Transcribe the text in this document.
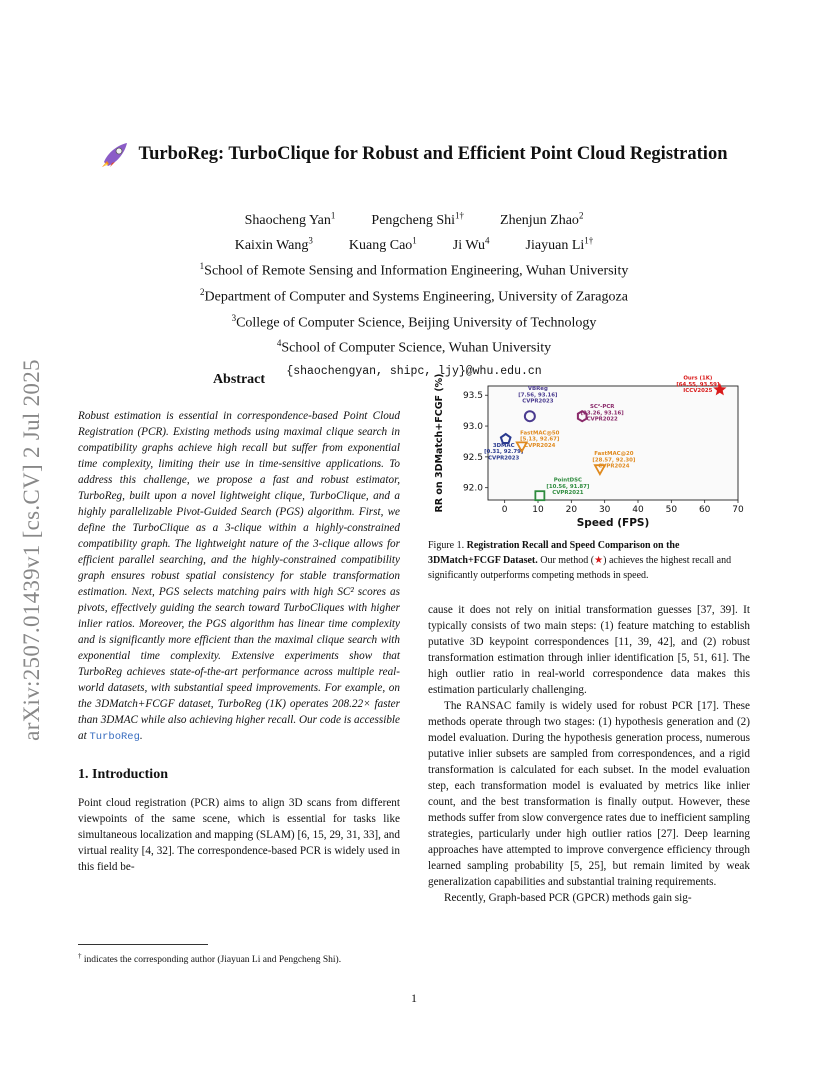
arXiv:2507.01439v1 [cs.CV] 2 Jul 2025
TurboReg: TurboClique for Robust and Efficient Point Cloud Registration
Shaocheng Yan$^1$	Pengcheng Shi$^{1\dagger}$	Zhenjun Zhao$^2$
Kaixin Wang$^3$	Kuang Cao$^1$	Ji Wu$^4$	Jiayuan $Li^{1\dagger}$
$^1$School of Remote Sensing and Information Engineering, Wuhan University
$^2$Department of Computer and Systems Engineering, University of Zaragoza
$^3$College of Computer Science, Beijing University of Technology
$^4$School of Computer Science, Wuhan University
{shaochengyan, shipc, ljy}@whu.edu.cn
Abstract

Robust estimation is essential in correspondence-based Point Cloud Registration (PCR). Existing methods using maximal clique search in compatibility graphs achieve high recall but suffer from exponential time complexity, limiting their use in time-sensitive applications. To address this challenge, we propose a fast and robust estimator, TurboReg, built upon a novel lightweight clique, TurboClique, and a highly parallelizable Pivot-Guided Search (PGS) algorithm. First, we define the TurboClique as a 3-clique within a highly-constrained compatibility graph. The lightweight nature of the 3-clique allows for efficient parallel searching, and the highly-constrained compatibility graph ensures robust spatial consistency for stable transformation estimation. Next, PGS selects matching pairs with high SC² scores as pivots, effectively guiding the search toward TurboCliques with higher inlier ratios. Moreover, the PGS algorithm has linear time complexity and is significantly more efficient than the maximal clique search with exponential time complexity. Extensive experiments show that TurboReg achieves state-of-the-art performance across multiple real-world datasets, with substantial speed improvements. For example, on the 3DMatch+FCGF dataset, TurboReg (1K) operates 208.22× faster than 3DMAC while also achieving higher recall. Our code is accessible at TurboReg.

1. Introduction

Point cloud registration (PCR) aims to align 3D scans from different viewpoints of the same scene, which is essential for tasks like simultaneous localization and mapping (SLAM) [6, 15, 29, 31, 33], and virtual reality [4, 32]. The correspondence-based PCR is widely used in this field be-

† indicates the corresponding author (Jiayuan Li and Pengcheng Shi).
0	10 20 30 40 50 60 70
92.0
92.5
93.0
93.5
Speed (FPS)
RR on 3DMatch+FCGF (%)	Ours (1K)
[64.55, 93.59]
ICCV2025
VBReg
[7.56, 93.16]
CVPR2023
SC²-PCR
[23.26, 93.16]
CVPR2022
3DMAC
[0.31, 92.79]
CVPR2023
FastMAC@50
[5.13, 92.67]
CVPR2024
FastMAC@20
[28.57, 92.30]
CVPR2024
PointDSC
[10.56, 91.87]
CVPR2021

Figure 1. Registration Recall and Speed Comparison on the 3DMatch+FCGF Dataset. Our method (★) achieves the highest recall and significantly outperforms competing methods in speed.

cause it does not rely on initial transformation guesses [37, 39]. It typically consists of two main steps: (1) feature matching to establish putative 3D keypoint correspondences [11, 39, 42], and (2) robust transformation estimation through inlier identification [5, 51, 61]. The high outlier ratio in real-world correspondence data makes this estimation particularly challenging.

The RANSAC family is widely used for robust PCR [17]. These methods operate through two stages: (1) hypothesis generation and (2) model evaluation. During the hypothesis generation process, numerous putative inlier subsets are sampled from correspondences, and a rigid transformation is calculated for each subset. In the model evaluation step, each transformation model is evaluated by metrics like inlier count, and the best transformation is finally output. However, these methods suffer from slow convergence rates due to inefficient sampling strategies, particularly under high outlier ratios [27]. Deep learning approaches have attempted to improve convergence efficiency through learned sampling probability [5, 25], but remain limited by weak generalization capabilities and substantial training requirements.

Recently, Graph-based PCR (GPCR) methods gain sig-

1
